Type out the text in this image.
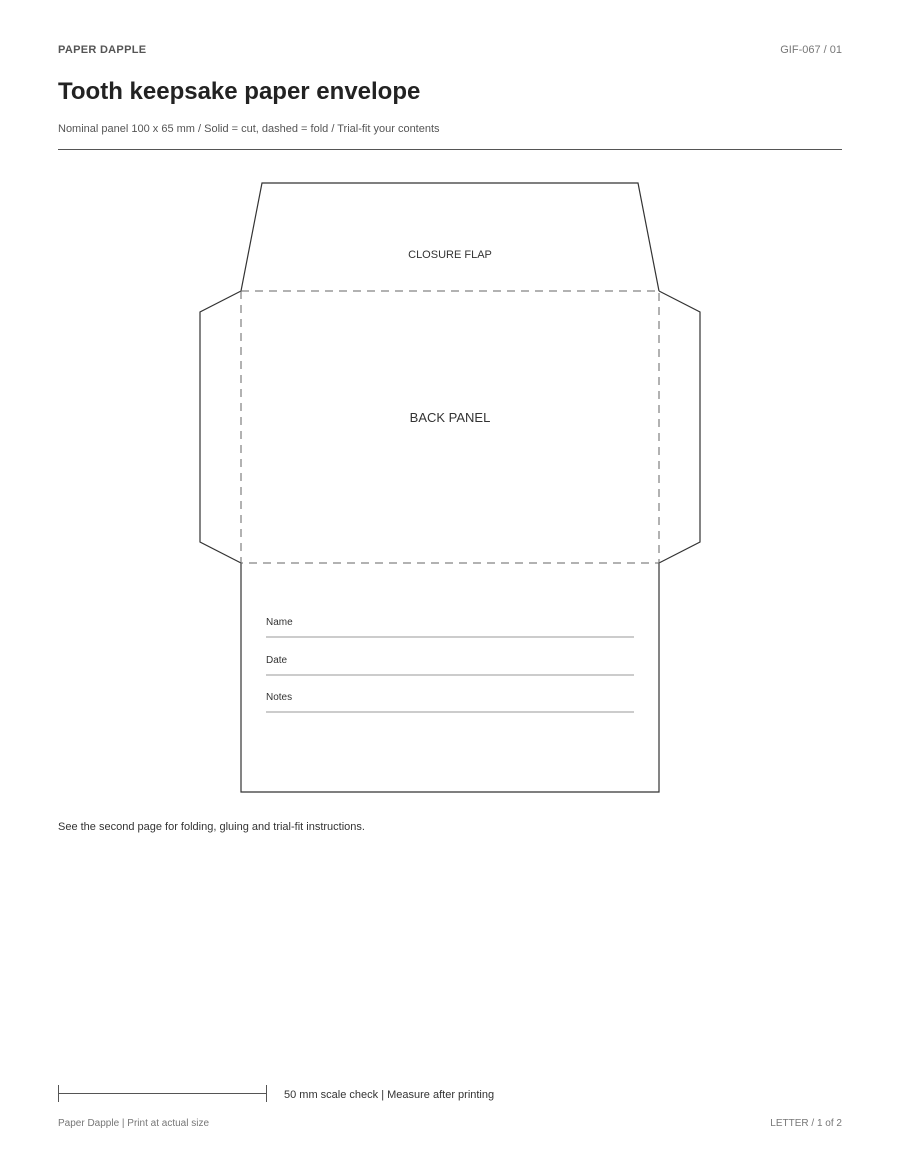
PAPER DAPPLE	GIF-067 / 01
Tooth keepsake paper envelope
Nominal panel 100 x 65 mm / Solid = cut, dashed = fold / Trial-fit your contents
CLOSURE FLAP
BACK PANEL
Name
Date
Notes
See the second page for folding, gluing and trial-fit instructions.
50 mm scale check | Measure after printing
Paper Dapple | Print at actual size	LETTER / 1 of 2
